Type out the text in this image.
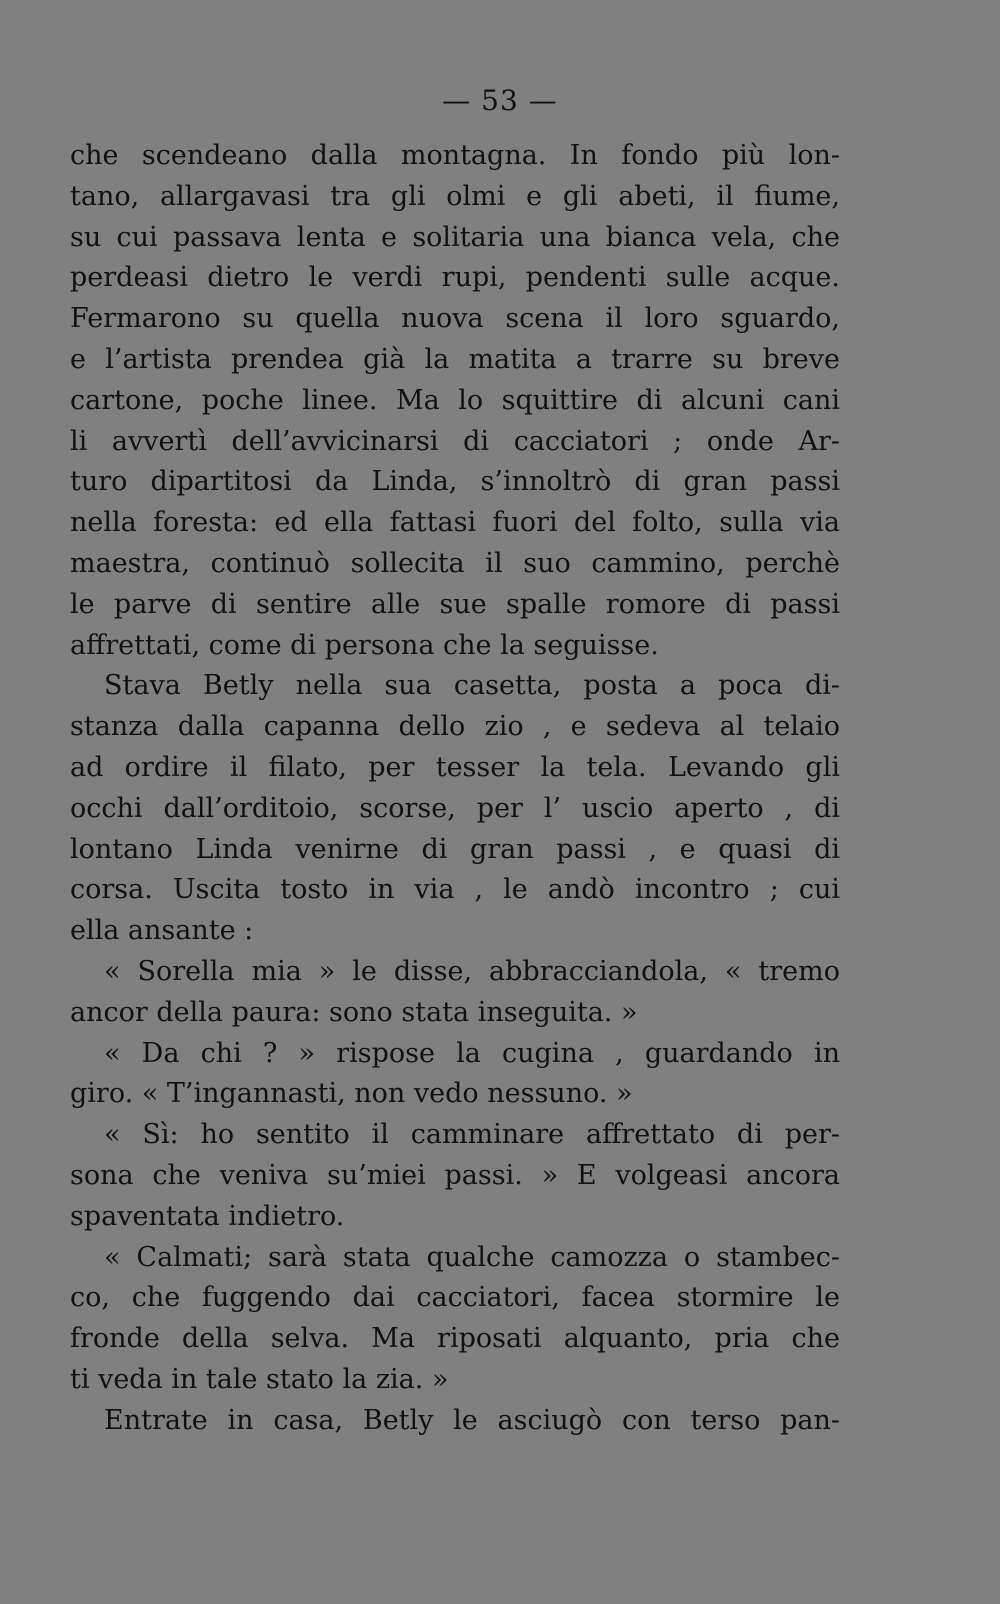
— 53 —
che scendeano dalla montagna. In fondo più lon-
tano, allargavasi tra gli olmi e gli abeti, il fiume,
su cui passava lenta e solitaria una bianca vela, che
perdeasi dietro le verdi rupi, pendenti sulle acque.
Fermarono su quella nuova scena il loro sguardo,
e l’artista prendea già la matita a trarre su breve
cartone, poche linee. Ma lo squittire di alcuni cani
li avvertì dell’avvicinarsi di cacciatori ; onde Ar-
turo dipartitosi da Linda, s’innoltrò di gran passi
nella foresta: ed ella fattasi fuori del folto, sulla via
maestra, continuò sollecita il suo cammino, perchè
le parve di sentire alle sue spalle romore di passi
affrettati, come di persona che la seguisse.
Stava Betly nella sua casetta, posta a poca di-
stanza dalla capanna dello zio , e sedeva al telaio
ad ordire il filato, per tesser la tela. Levando gli
occhi dall’orditoio, scorse, per l’ uscio aperto , di
lontano Linda venirne di gran passi , e quasi di
corsa. Uscita tosto in via , le andò incontro ; cui
ella ansante :
« Sorella mia » le disse, abbracciandola, « tremo
ancor della paura: sono stata inseguita. »
« Da chi ? » rispose la cugina , guardando in
giro. « T’ingannasti, non vedo nessuno. »
« Sì: ho sentito il camminare affrettato di per-
sona che veniva su’miei passi. » E volgeasi ancora
spaventata indietro.
« Calmati; sarà stata qualche camozza o stambec-
co, che fuggendo dai cacciatori, facea stormire le
fronde della selva. Ma riposati alquanto, pria che
ti veda in tale stato la zia. »
Entrate in casa, Betly le asciugò con terso pan-
